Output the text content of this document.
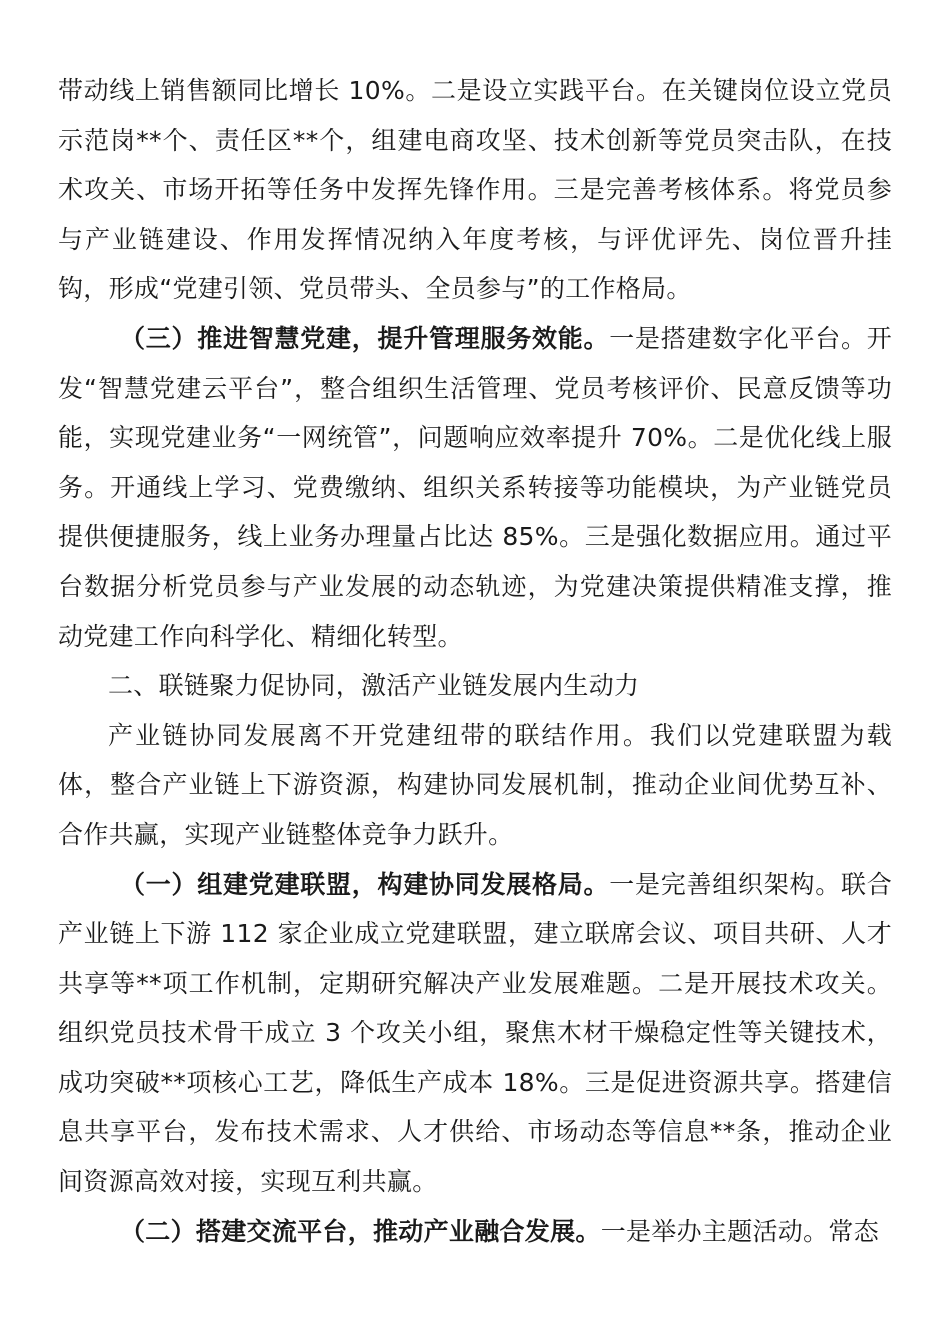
带动线上销售额同比增长 10%。二是设立实践平台。在关键岗位设立党员示范岗**个、责任区**个，组建电商攻坚、技术创新等党员突击队，在技术攻关、市场开拓等任务中发挥先锋作用。三是完善考核体系。将党员参与产业链建设、作用发挥情况纳入年度考核，与评优评先、岗位晋升挂钩，形成“党建引领、党员带头、全员参与”的工作格局。

（三）推进智慧党建，提升管理服务效能。一是搭建数字化平台。开发“智慧党建云平台”，整合组织生活管理、党员考核评价、民意反馈等功能，实现党建业务“一网统管”，问题响应效率提升 70%。二是优化线上服务。开通线上学习、党费缴纳、组织关系转接等功能模块，为产业链党员提供便捷服务，线上业务办理量占比达 85%。三是强化数据应用。通过平台数据分析党员参与产业发展的动态轨迹，为党建决策提供精准支撑，推动党建工作向科学化、精细化转型。

二、联链聚力促协同，激活产业链发展内生动力

产业链协同发展离不开党建纽带的联结作用。我们以党建联盟为载体，整合产业链上下游资源，构建协同发展机制，推动企业间优势互补、合作共赢，实现产业链整体竞争力跃升。

（一）组建党建联盟，构建协同发展格局。一是完善组织架构。联合产业链上下游 112 家企业成立党建联盟，建立联席会议、项目共研、人才共享等**项工作机制，定期研究解决产业发展难题。二是开展技术攻关。组织党员技术骨干成立 3 个攻关小组，聚焦木材干燥稳定性等关键技术，成功突破**项核心工艺，降低生产成本 18%。三是促进资源共享。搭建信息共享平台，发布技术需求、人才供给、市场动态等信息**条，推动企业间资源高效对接，实现互利共赢。

（二）搭建交流平台，推动产业融合发展。一是举办主题活动。常态
